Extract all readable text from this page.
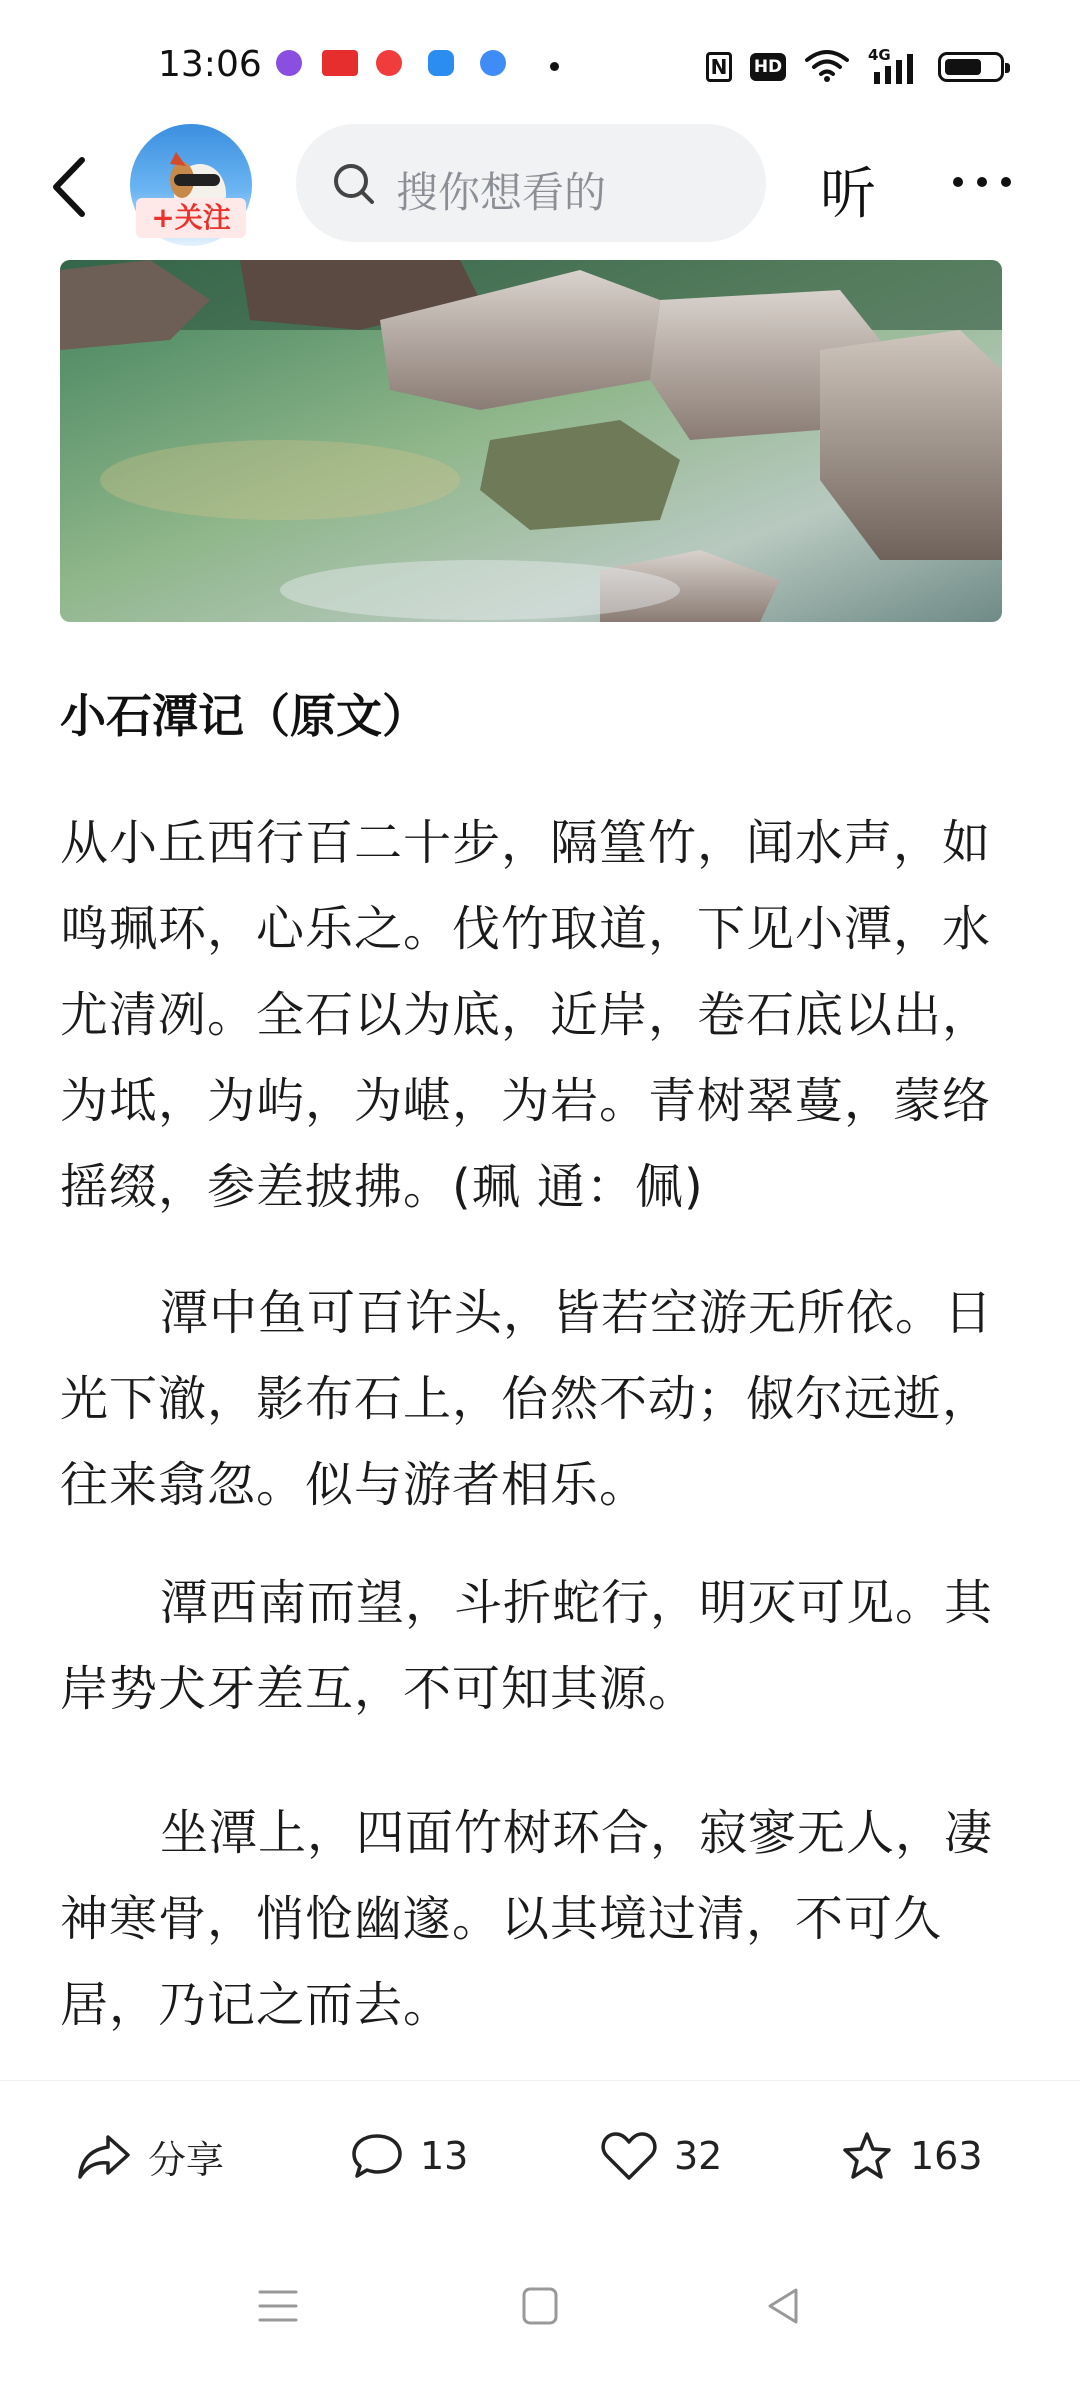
13:06	N HD
4G
+关注
搜你想看的	听
小石潭记（原文）

从小丘西行百二十步，隔篁竹，闻水声，如鸣珮环，心乐之。伐竹取道，下见小潭，水尤清冽。全石以为底，近岸，卷石底以出，为坻，为屿，为嵁，为岩。青树翠蔓，蒙络摇缀，参差披拂。(珮 通：佩)

潭中鱼可百许头，皆若空游无所依。日光下澈，影布石上，佁然不动；俶尔远逝，往来翕忽。似与游者相乐。

潭西南而望，斗折蛇行，明灭可见。其岸势犬牙差互，不可知其源。

坐潭上，四面竹树环合，寂寥无人，凄神寒骨，悄怆幽邃。以其境过清，不可久居，乃记之而去。

分享	13	32	163
